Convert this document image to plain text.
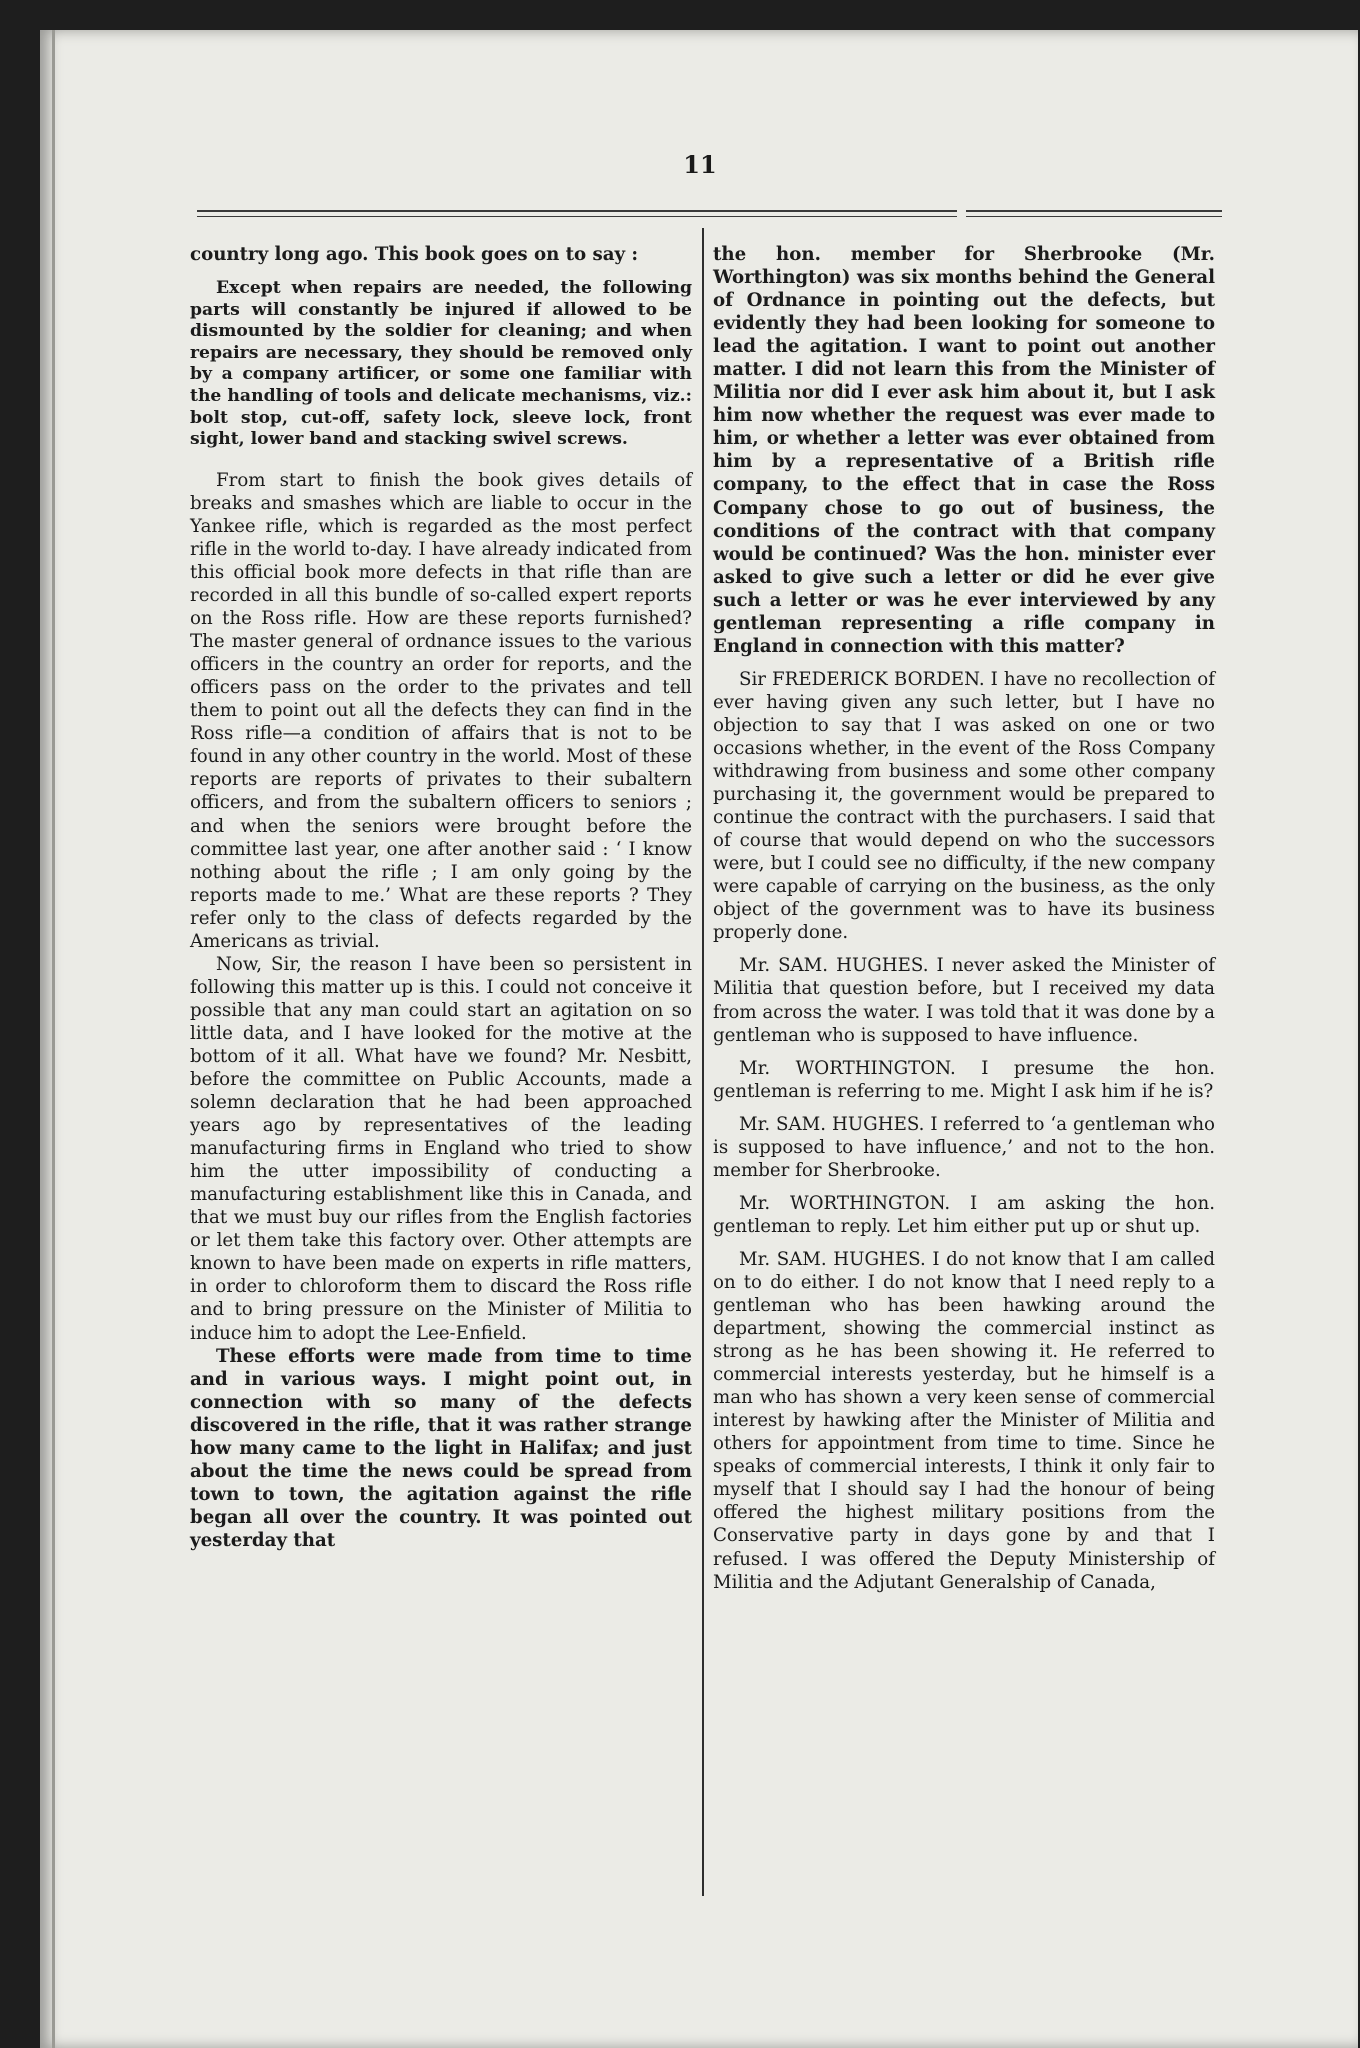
11

country long ago. This book goes on to say :

Except when repairs are needed, the following parts will constantly be injured if allowed to be dismounted by the soldier for cleaning; and when repairs are necessary, they should be removed only by a company artificer, or some one familiar with the handling of tools and delicate mechanisms, viz.: bolt stop, cut-off, safety lock, sleeve lock, front sight, lower band and stacking swivel screws.

From start to finish the book gives details of breaks and smashes which are liable to occur in the Yankee rifle, which is regarded as the most perfect rifle in the world to-day. I have already indicated from this official book more defects in that rifle than are recorded in all this bundle of so-called expert reports on the Ross rifle. How are these reports furnished? The master general of ordnance issues to the various officers in the country an order for reports, and the officers pass on the order to the privates and tell them to point out all the defects they can find in the Ross rifle—a condition of affairs that is not to be found in any other country in the world. Most of these reports are reports of privates to their subaltern officers, and from the subaltern officers to seniors ; and when the seniors were brought before the committee last year, one after another said : ‘ I know nothing about the rifle ; I am only going by the reports made to me.’ What are these reports ? They refer only to the class of defects regarded by the Americans as trivial.

Now, Sir, the reason I have been so persistent in following this matter up is this. I could not conceive it possible that any man could start an agitation on so little data, and I have looked for the motive at the bottom of it all. What have we found? Mr. Nesbitt, before the committee on Public Accounts, made a solemn declaration that he had been approached years ago by representatives of the leading manufacturing firms in England who tried to show him the utter impossibility of conducting a manufacturing establishment like this in Canada, and that we must buy our rifles from the English factories or let them take this factory over. Other attempts are known to have been made on experts in rifle matters, in order to chloroform them to discard the Ross rifle and to bring pressure on the Minister of Militia to induce him to adopt the Lee-Enfield.

These efforts were made from time to time and in various ways. I might point out, in connection with so many of the defects discovered in the rifle, that it was rather strange how many came to the light in Halifax; and just about the time the news could be spread from town to town, the agitation against the rifle began all over the country. It was pointed out yesterday that

the hon. member for Sherbrooke (Mr. Worthington) was six months behind the General of Ordnance in pointing out the defects, but evidently they had been looking for someone to lead the agitation. I want to point out another matter. I did not learn this from the Minister of Militia nor did I ever ask him about it, but I ask him now whether the request was ever made to him, or whether a letter was ever obtained from him by a representative of a British rifle company, to the effect that in case the Ross Company chose to go out of business, the conditions of the contract with that company would be continued? Was the hon. minister ever asked to give such a letter or did he ever give such a letter or was he ever interviewed by any gentleman representing a rifle company in England in connection with this matter?

Sir FREDERICK BORDEN. I have no recollection of ever having given any such letter, but I have no objection to say that I was asked on one or two occasions whether, in the event of the Ross Company withdrawing from business and some other company purchasing it, the government would be prepared to continue the contract with the purchasers. I said that of course that would depend on who the successors were, but I could see no difficulty, if the new company were capable of carrying on the business, as the only object of the government was to have its business properly done.

Mr. SAM. HUGHES. I never asked the Minister of Militia that question before, but I received my data from across the water. I was told that it was done by a gentleman who is supposed to have influence.

Mr. WORTHINGTON. I presume the hon. gentleman is referring to me. Might I ask him if he is?

Mr. SAM. HUGHES. I referred to ‘a gentleman who is supposed to have influence,’ and not to the hon. member for Sherbrooke.

Mr. WORTHINGTON. I am asking the hon. gentleman to reply. Let him either put up or shut up.

Mr. SAM. HUGHES. I do not know that I am called on to do either. I do not know that I need reply to a gentleman who has been hawking around the department, showing the commercial instinct as strong as he has been showing it. He referred to commercial interests yesterday, but he himself is a man who has shown a very keen sense of commercial interest by hawking after the Minister of Militia and others for appointment from time to time. Since he speaks of commercial interests, I think it only fair to myself that I should say I had the honour of being offered the highest military positions from the Conservative party in days gone by and that I refused. I was offered the Deputy Ministership of Militia and the Adjutant Generalship of Canada,
